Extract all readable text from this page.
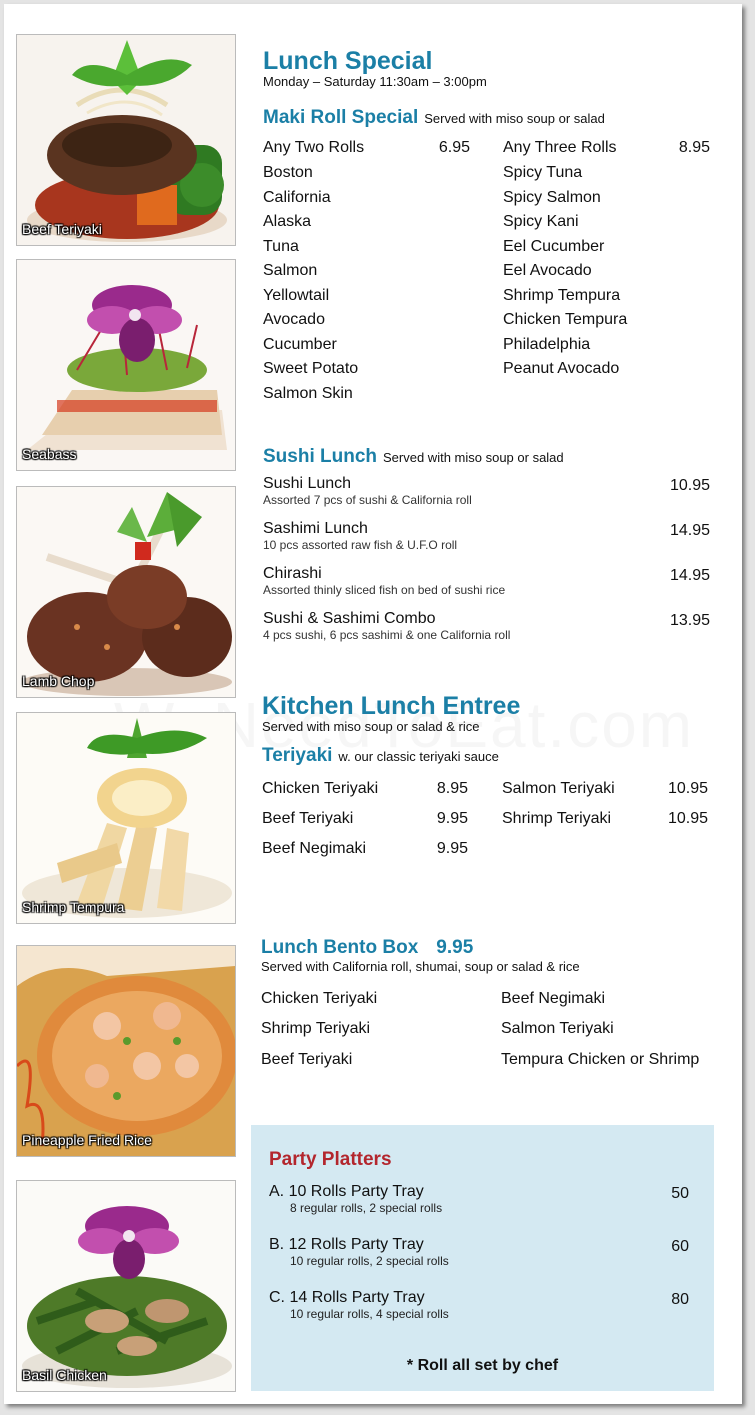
Beef Teriyaki
Seabass
Lamb Chop
Shrimp Tempura
Pineapple Fried Rice
Basil Chicken
Lunch Special
Monday – Saturday 11:30am – 3:00pm
Maki Roll Special Served with miso soup or salad
Any Two Rolls	6.95
Boston
California
Alaska
Tuna
Salmon
Yellowtail
Avocado
Cucumber
Sweet Potato
Salmon Skin
Any Three Rolls	8.95
Spicy Tuna
Spicy Salmon
Spicy Kani
Eel Cucumber
Eel Avocado
Shrimp Tempura
Chicken Tempura
Philadelphia
Peanut Avocado
Sushi Lunch Served with miso soup or salad
Sushi Lunch
Assorted 7 pcs of sushi & California roll
10.95
Sashimi Lunch
10 pcs assorted raw fish & U.F.O roll
14.95
Chirashi
Assorted thinly sliced fish on bed of sushi rice
14.95
Sushi & Sashimi Combo
4 pcs sushi, 6 pcs sashimi & one California roll
13.95
Kitchen Lunch Entree
Served with miso soup or salad & rice
Teriyaki w. our classic teriyaki sauce
Chicken Teriyaki	8.95
Beef Teriyaki	9.95
Beef Negimaki	9.95
Salmon Teriyaki	10.95
Shrimp Teriyaki	10.95
Lunch Bento Box 9.95
Served with California roll, shumai, soup or salad & rice
Chicken Teriyaki
Shrimp Teriyaki
Beef Teriyaki
Beef Negimaki
Salmon Teriyaki
Tempura Chicken or Shrimp
Party Platters
A. 10 Rolls Party Tray
8 regular rolls, 2 special rolls
50
B. 12 Rolls Party Tray
10 regular rolls, 2 special rolls
60
C. 14 Rolls Party Tray
10 regular rolls, 4 special rolls
80
* Roll all set by chef
